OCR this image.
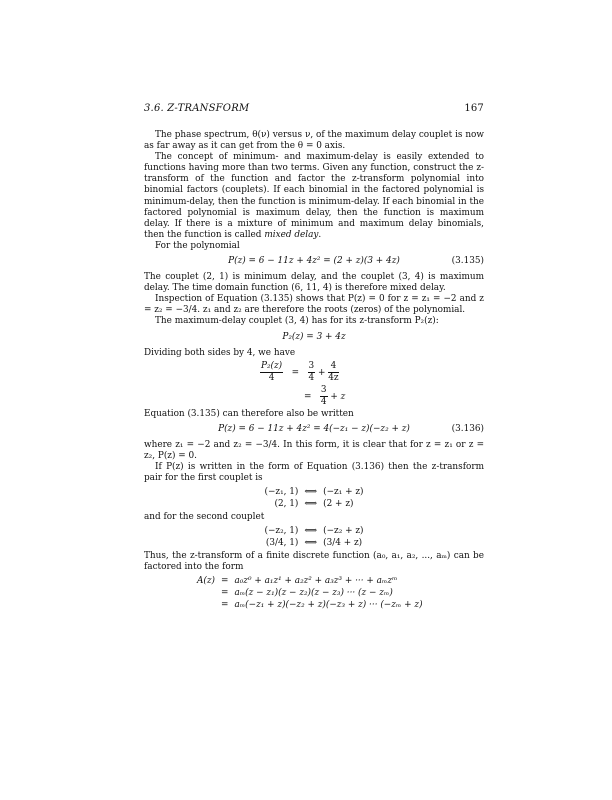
3.6. Z-TRANSFORM	167

The phase spectrum, θ(ν) versus ν, of the maximum delay couplet is now as far away as it can get from the θ = 0 axis.

The concept of minimum- and maximum-delay is easily extended to functions having more than two terms. Given any function, construct the z-transform of the function and factor the z-transform polynomial into binomial factors (couplets). If each binomial in the factored polynomial is minimum-delay, then the function is minimum-delay. If each binomial in the factored polynomial is maximum delay, then the function is maximum delay. If there is a mixture of minimum and maximum delay binomials, then the function is called mixed delay.

For the polynomial

P(z) = 6 − 11z + 4z² = (2 + z)(3 + 4z)	(3.135)

The couplet (2, 1) is minimum delay, and the couplet (3, 4) is maximum delay. The time domain function (6, 11, 4) is therefore mixed delay.

Inspection of Equation (3.135) shows that P(z) = 0 for z = z₁ = −2 and z = z₂ = −3/4. z₁ and z₂ are therefore the roots (zeros) of the polynomial.

The maximum-delay couplet (3, 4) has for its z-transform P₂(z):

P₂(z) = 3 + 4z

Dividing both sides by 4, we have

$\frac{\text{P₂(z)}}{4} = \frac{3}{4} + \frac{4}{4z}$
= $\frac{3}{4} + z$

Equation (3.135) can therefore also be written

P(z) = 6 − 11z + 4z² = 4(−z₁ − z)(−z₂ + z)	(3.136)

where z₁ = −2 and z₂ = −3/4. In this form, it is clear that for z = z₁ or z = z₂, P(z) = 0.

If P(z) is written in the form of Equation (3.136) then the z-transform pair for the first couplet is

(−z₁, 1)	⟺	(−z₁ + z)
(2, 1)	⟺	(2 + z)

and for the second couplet

(−z₂, 1)	⟺	(−z₂ + z)
(3/4, 1)	⟺	(3/4 + z)

Thus, the z-transform of a finite discrete function (a₀, a₁, a₂, ..., aₘ) can be factored into the form

A(z)	=	a₀z⁰ + a₁z¹ + a₂z² + a₃z³ + ··· + aₘzᵐ
	=	aₘ(z − z₁)(z − z₂)(z − z₃) ··· (z − zₘ)
	=	aₘ(−z₁ + z)(−z₂ + z)(−z₃ + z) ··· (−zₘ + z)
